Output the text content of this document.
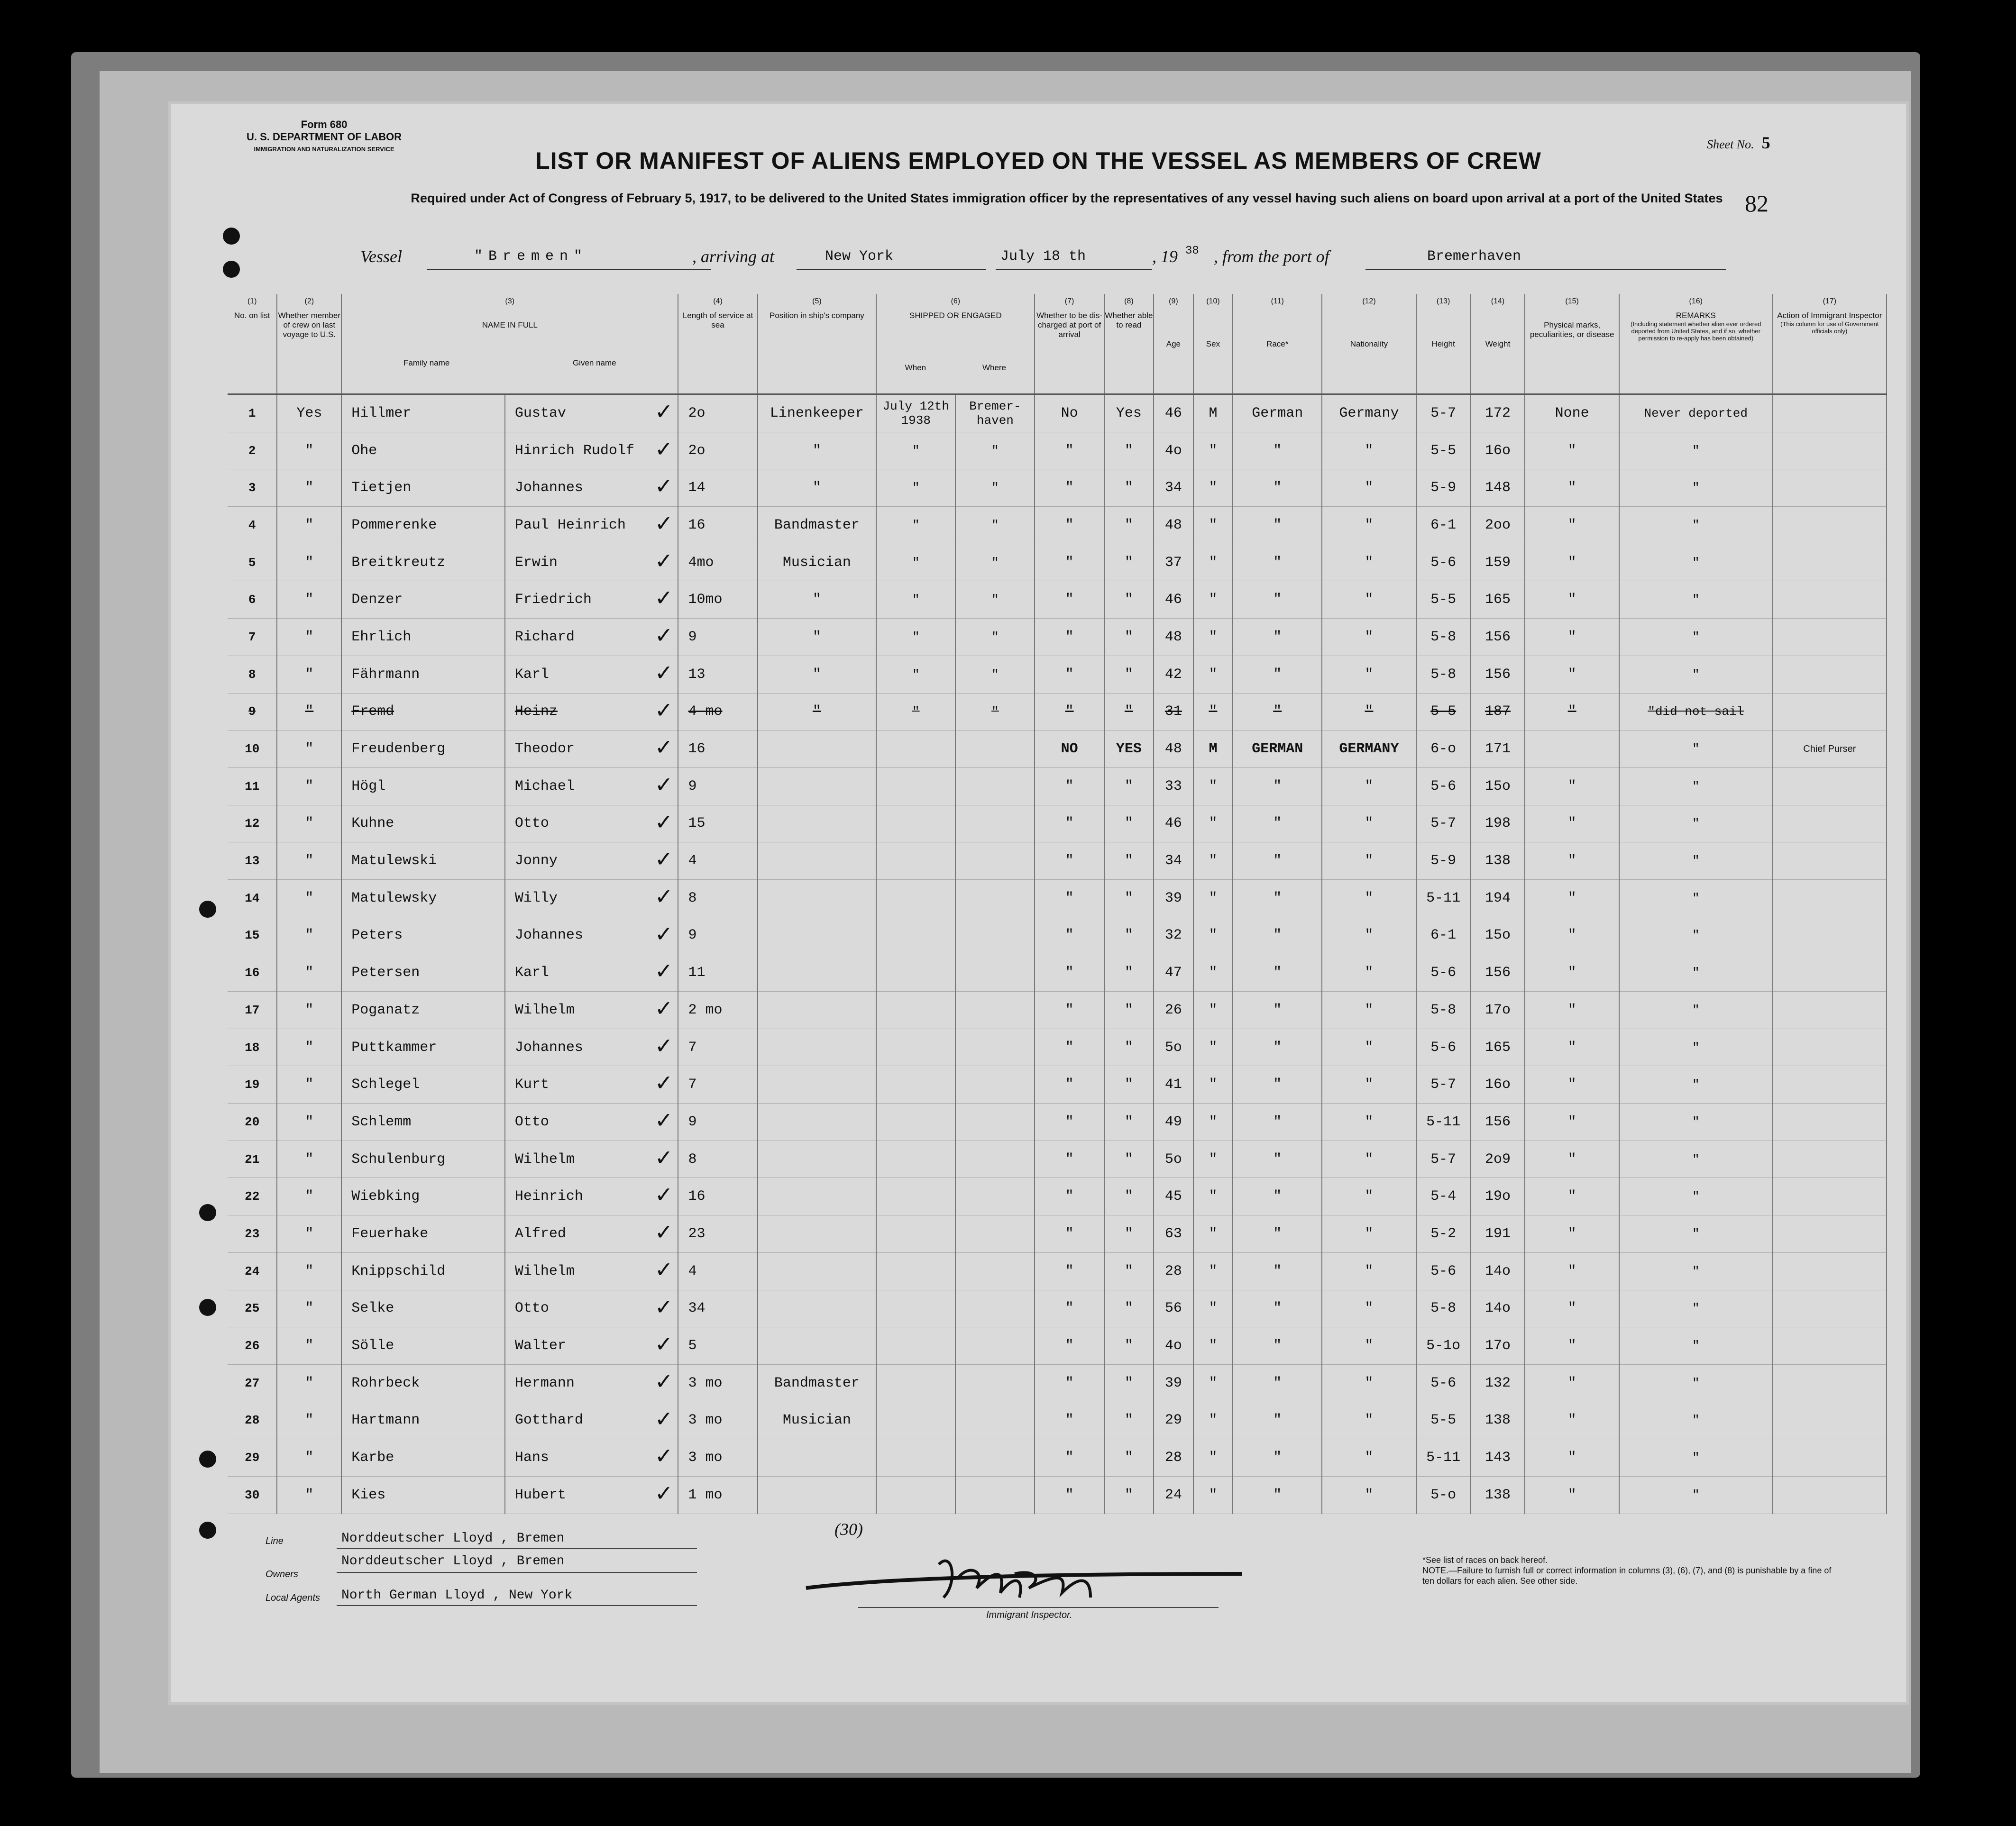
Form 680
U. S. DEPARTMENT OF LABOR
IMMIGRATION AND NATURALIZATION SERVICE	Sheet No. 5
82
LIST OR MANIFEST OF ALIENS EMPLOYED ON THE VESSEL AS MEMBERS OF CREW
Required under Act of Congress of February 5, 1917, to be delivered to the United States immigration officer by the representatives of any vessel having such aliens on board upon arrival at a port of the United States
Vessel	"Bremen"	, arriving at	New York	July 18 th	, 19 38 , from the port of	Bremerhaven
(1)
No. on list	(2)
Whether member of crew on last voyage to U.S.	(3)
NAME IN FULL
Family name Given name		(4)
Length of service at sea	(5)
Position in ship's company	(6)
SHIPPED OR ENGAGED
When Where		(7)
Whether to be dis-charged at port of arrival	(8)
Whether able to read	(9)

Age	(10)

Sex	(11)

Race*	(12)

Nationality	(13)

Height	(14)

Weight	(15)

Physical marks, peculiarities, or disease	(16)
REMARKS
(Including statement whether alien ever ordered deported from United States, and if so, whether permission to re-apply has been obtained)	(17)
Action of Immigrant Inspector
(This column for use of Government officials only)

1	Yes	Hillmer	Gustav ✓	2o	Linenkeeper	July 12th 1938	Bremer-haven	No	Yes	46	M	German	Germany	5-7	172	None	Never deported	
2	"	Ohe	Hinrich Rudolf ✓	2o	"	"	"	"	"	4o	"	"	"	5-5	16o	"	"	
3	"	Tietjen	Johannes ✓	14	"	"	"	"	"	34	"	"	"	5-9	148	"	"	
4	"	Pommerenke	Paul Heinrich ✓	16	Bandmaster	"	"	"	"	48	"	"	"	6-1	2oo	"	"	
5	"	Breitkreutz	Erwin ✓	4mo	Musician	"	"	"	"	37	"	"	"	5-6	159	"	"	
6	"	Denzer	Friedrich ✓	10mo	"	"	"	"	"	46	"	"	"	5-5	165	"	"	
7	"	Ehrlich	Richard ✓	9	"	"	"	"	"	48	"	"	"	5-8	156	"	"	
8	"	Fährmann	Karl ✓	13	"	"	"	"	"	42	"	"	"	5-8	156	"	"	
9	"	Fremd	Heinz ✓	4 mo	"	"	"	"	"	31	"	"	"	5-5	187	"	"did not sail	
10	"	Freudenberg	Theodor ✓	16				NO	YES	48	M	GERMAN	GERMANY	6-o	171		"	Chief Purser
11	"	Högl	Michael ✓	9				"	"	33	"	"	"	5-6	15o	"	"	
12	"	Kuhne	Otto ✓	15				"	"	46	"	"	"	5-7	198	"	"	
13	"	Matulewski	Jonny ✓	4				"	"	34	"	"	"	5-9	138	"	"	
14	"	Matulewsky	Willy ✓	8				"	"	39	"	"	"	5-11	194	"	"	
15	"	Peters	Johannes ✓	9				"	"	32	"	"	"	6-1	15o	"	"	
16	"	Petersen	Karl ✓	11				"	"	47	"	"	"	5-6	156	"	"	
17	"	Poganatz	Wilhelm ✓	2 mo				"	"	26	"	"	"	5-8	17o	"	"	
18	"	Puttkammer	Johannes ✓	7				"	"	5o	"	"	"	5-6	165	"	"	
19	"	Schlegel	Kurt ✓	7				"	"	41	"	"	"	5-7	16o	"	"	
20	"	Schlemm	Otto ✓	9				"	"	49	"	"	"	5-11	156	"	"	
21	"	Schulenburg	Wilhelm ✓	8				"	"	5o	"	"	"	5-7	2o9	"	"	
22	"	Wiebking	Heinrich ✓	16				"	"	45	"	"	"	5-4	19o	"	"	
23	"	Feuerhake	Alfred ✓	23				"	"	63	"	"	"	5-2	191	"	"	
24	"	Knippschild	Wilhelm ✓	4				"	"	28	"	"	"	5-6	14o	"	"	
25	"	Selke	Otto ✓	34				"	"	56	"	"	"	5-8	14o	"	"	
26	"	Sölle	Walter ✓	5				"	"	4o	"	"	"	5-1o	17o	"	"	
27	"	Rohrbeck	Hermann ✓	3 mo	Bandmaster			"	"	39	"	"	"	5-6	132	"	"	
28	"	Hartmann	Gotthard ✓	3 mo	Musician			"	"	29	"	"	"	5-5	138	"	"	
29	"	Karbe	Hans ✓	3 mo				"	"	28	"	"	"	5-11	143	"	"	
30	"	Kies	Hubert ✓	1 mo				"	"	24	"	"	"	5-o	138	"	"	
(30)
Line	Norddeutscher Lloyd , Bremen
Owners
Norddeutscher Lloyd , Bremen
Local Agents North German Lloyd , New York
Immigrant Inspector.
*See list of races on back hereof.
NOTE.—Failure to furnish full or correct information in columns (3), (6), (7), and (8) is punishable by a fine of ten dollars for each alien. See other side.
